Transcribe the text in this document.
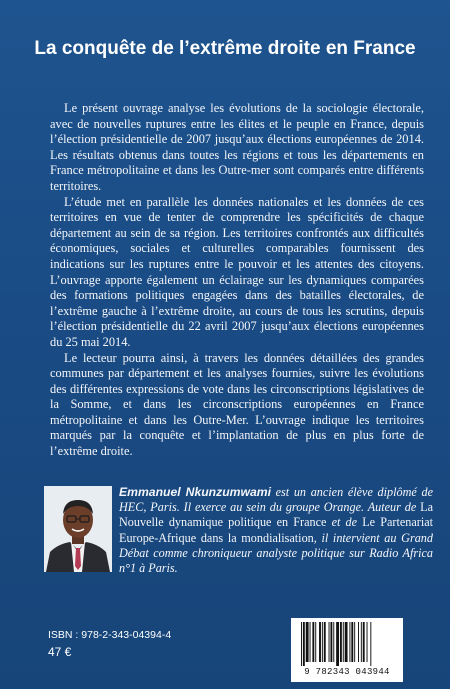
La conquête de l’extrême droite en France

Le présent ouvrage analyse les évolutions de la sociologie électorale, avec de nouvelles ruptures entre les élites et le peuple en France, depuis l’élection présidentielle de 2007 jusqu’aux élections européennes de 2014. Les résultats obtenus dans toutes les régions et tous les départements en France métropolitaine et dans les Outre-mer sont comparés entre différents territoires.

L’étude met en parallèle les données nationales et les données de ces territoires en vue de tenter de comprendre les spécificités de chaque département au sein de sa région. Les territoires confrontés aux difficultés économiques, sociales et culturelles comparables fournissent des indications sur les ruptures entre le pouvoir et les attentes des citoyens. L’ouvrage apporte également un éclairage sur les dynamiques comparées des formations politiques engagées dans des batailles électorales, de l’extrême gauche à l’extrême droite, au cours de tous les scrutins, depuis l’élection présidentielle du 22 avril 2007 jusqu’aux élections européennes du 25 mai 2014.

Le lecteur pourra ainsi, à travers les données détaillées des grandes communes par département et les analyses fournies, suivre les évolutions des différentes expressions de vote dans les circonscriptions législatives de la Somme, et dans les circonscriptions européennes en France métropolitaine et dans les Outre-Mer. L’ouvrage indique les territoires marqués par la conquête et l’implantation de plus en plus forte de l’extrême droite.

Emmanuel Nkunzumwami est un ancien élève diplômé de HEC, Paris. Il exerce au sein du groupe Orange. Auteur de La Nouvelle dynamique politique en France et de Le Partenariat Europe-Afrique dans la mondialisation, il intervient au Grand Débat comme chroniqueur analyste politique sur Radio Africa n°1 à Paris.
ISBN : 978-2-343-04394-4
47 €
9 782343 043944
